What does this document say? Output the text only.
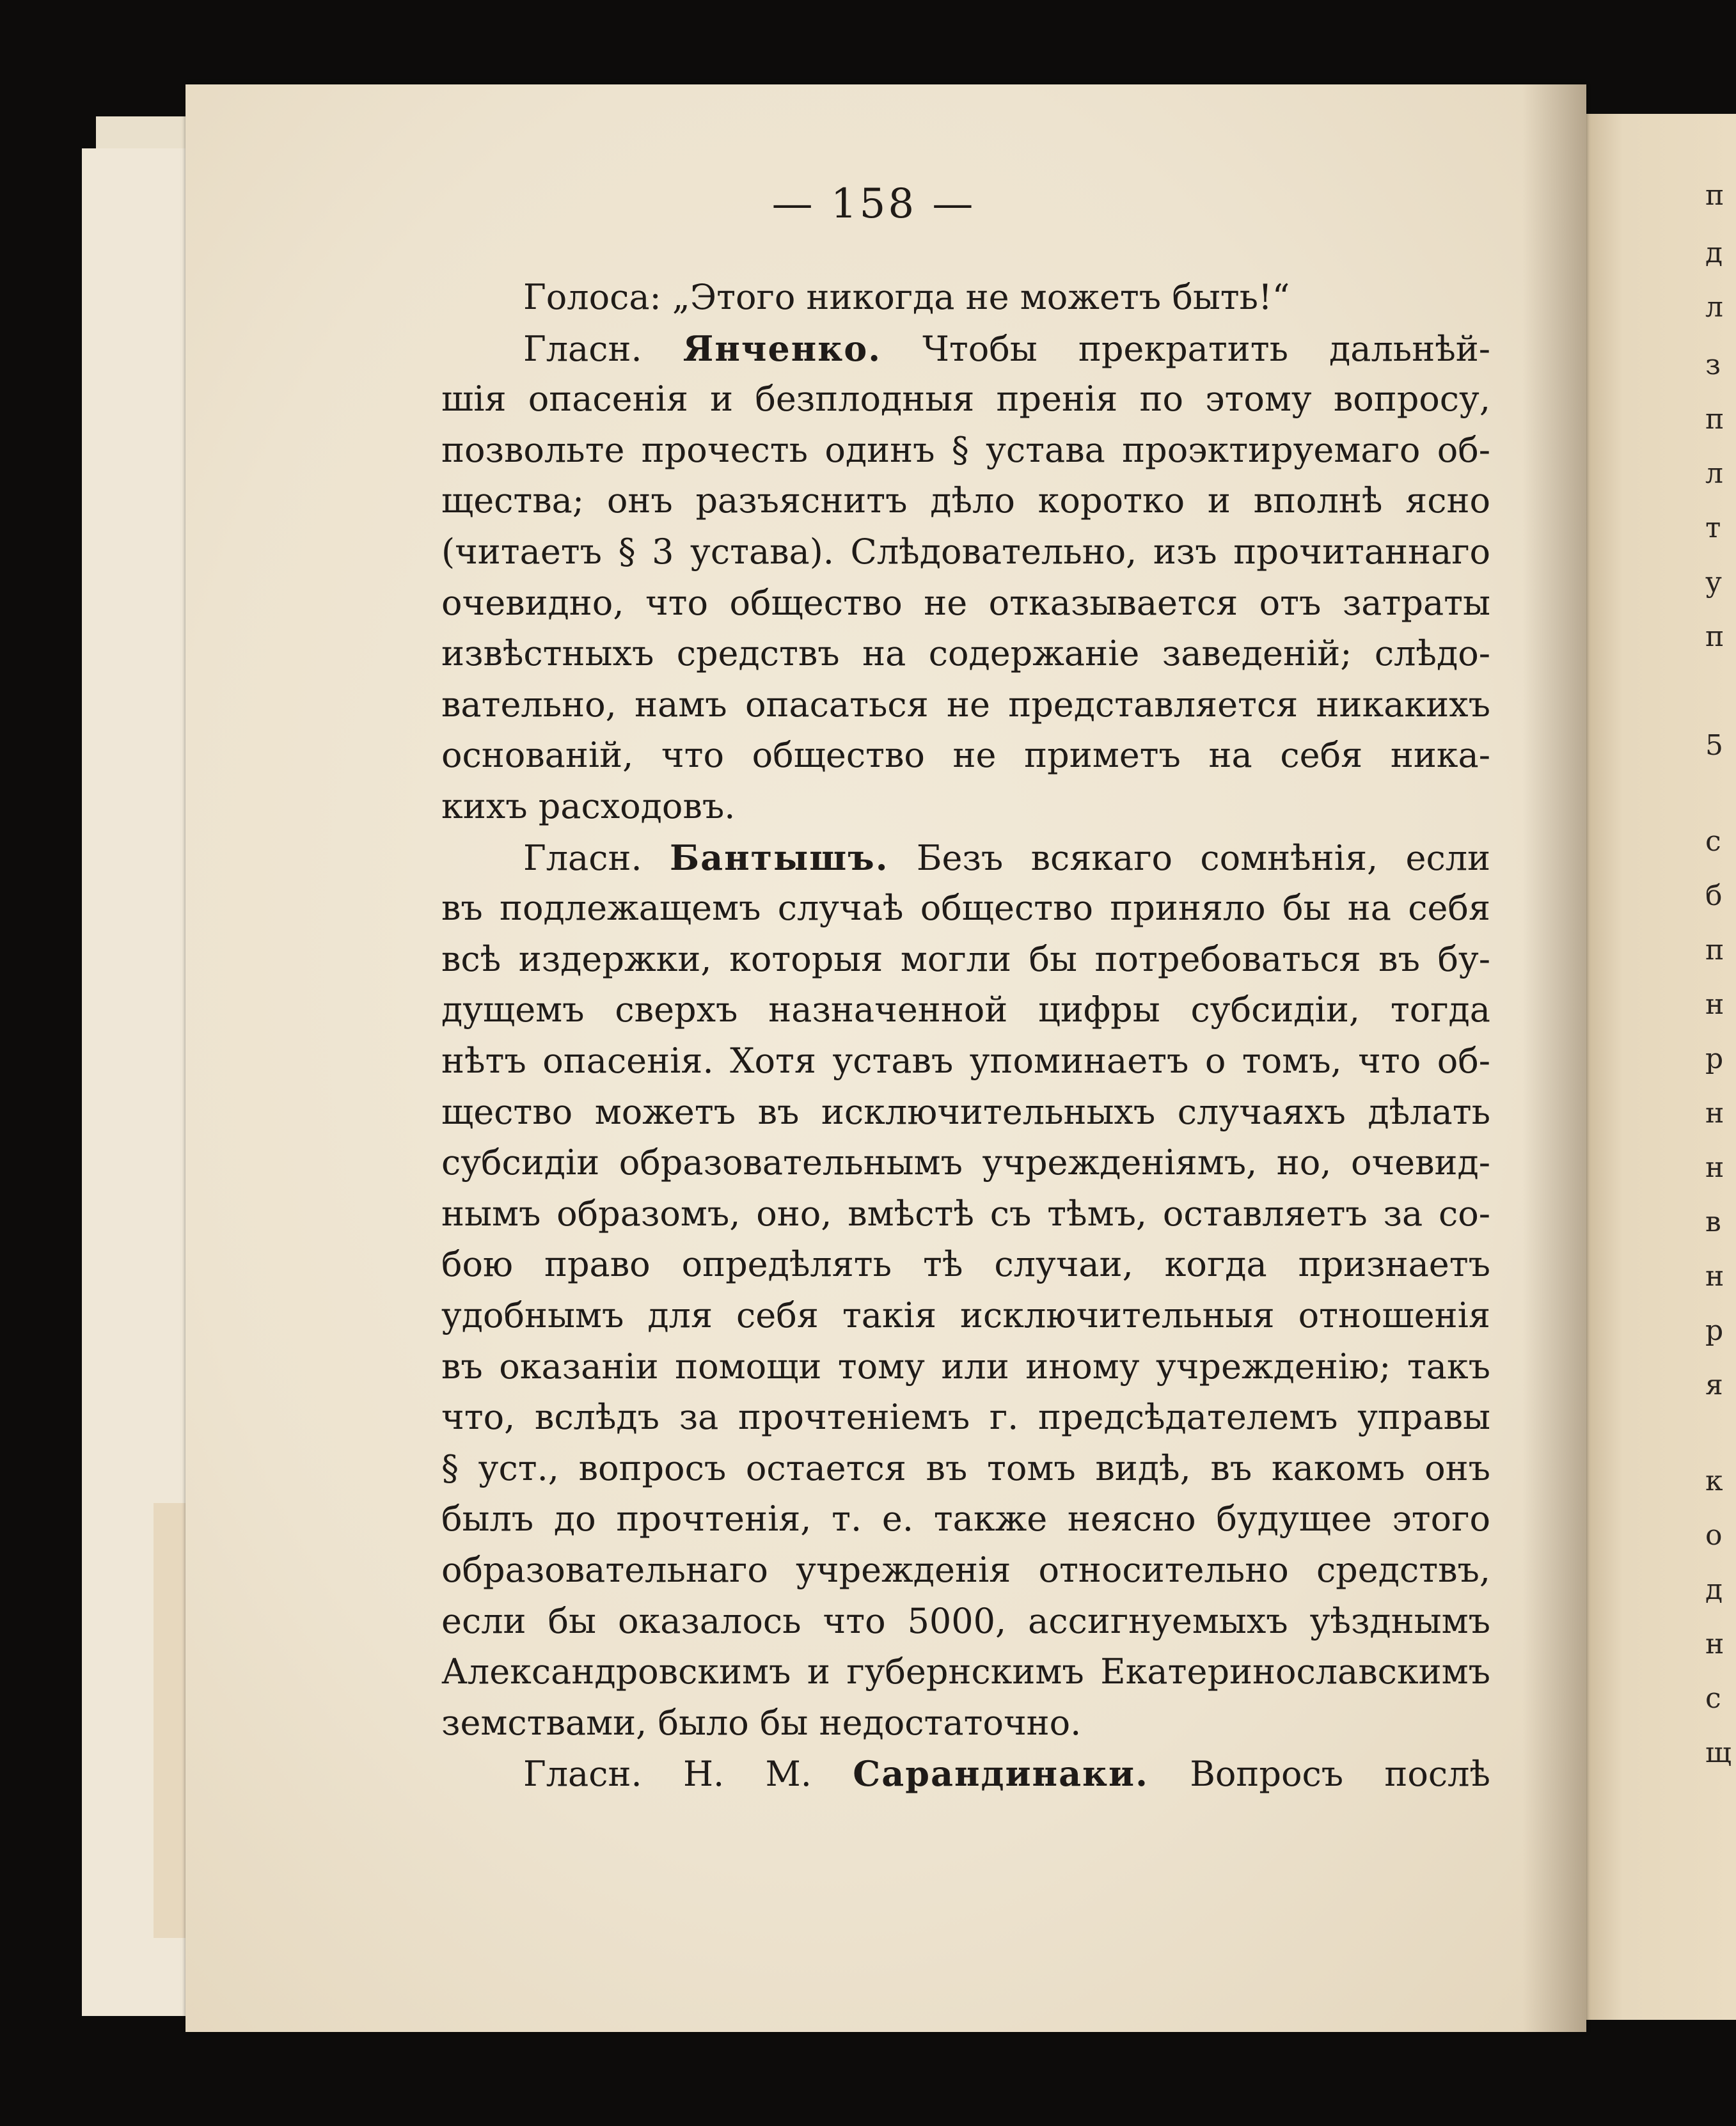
п
д
л
з
п
л
т
у
п
5
с
б
п
н
р
н
н
в
н
р
я
к
о
д
н
с
щ
— 158 —
Голоса: „Этого никогда не можетъ быть!“
Гласн. Янченко. Чтобы прекратить дальнѣй-
шія опасенія и безплодныя пренія по этому вопросу,
позвольте прочесть одинъ § устава проэктируемаго об-
щества; онъ разъяснитъ дѣло коротко и вполнѣ ясно
(читаетъ § 3 устава). Слѣдовательно, изъ прочитаннаго
очевидно, что общество не отказывается отъ затраты
извѣстныхъ средствъ на содержаніе заведеній; слѣдо-
вательно, намъ опасаться не представляется никакихъ
основаній, что общество не приметъ на себя ника-
кихъ расходовъ.
Гласн. Бантышъ. Безъ всякаго сомнѣнія, если
въ подлежащемъ случаѣ общество приняло бы на себя
всѣ издержки, которыя могли бы потребоваться въ бу-
дущемъ сверхъ назначенной цифры субсидіи, тогда
нѣтъ опасенія. Хотя уставъ упоминаетъ о томъ, что об-
щество можетъ въ исключительныхъ случаяхъ дѣлать
субсидіи образовательнымъ учрежденіямъ, но, очевид-
нымъ образомъ, оно, вмѣстѣ съ тѣмъ, оставляетъ за со-
бою право опредѣлять тѣ случаи, когда признаетъ
удобнымъ для себя такія исключительныя отношенія
въ оказаніи помощи тому или иному учрежденію; такъ
что, вслѣдъ за прочтеніемъ г. предсѣдателемъ управы
§ уст., вопросъ остается въ томъ видѣ, въ какомъ онъ
былъ до прочтенія, т. е. также неясно будущее этого
образовательнаго учрежденія относительно средствъ,
если бы оказалось что 5000, ассигнуемыхъ уѣзднымъ
Александровскимъ и губернскимъ Екатеринославскимъ
земствами, было бы недостаточно.
Гласн. Н. М. Сарандинаки. Вопросъ послѣ
